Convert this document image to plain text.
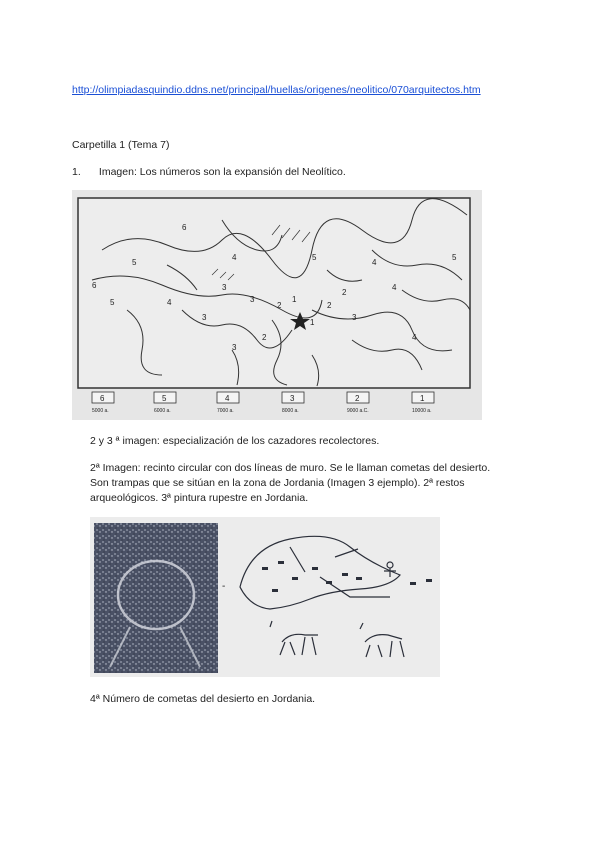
http://olimpiadasquindio.ddns.net/principal/huellas/origenes/neolitico/070arquitectos.htm
Carpetilla 1 (Tema 7)
1. Imagen: Los números son la expansión del Neolítico.
6
5
5	4
4
3
3
2
1
1
2
3
4
5
3
2	4
6
5
4
3
2
6
5000 a.
5
6000 a.
4
7000 a.
3
8000 a.
2
9000 a.C.
1
10000 a.
2 y 3 ª imagen: especialización de los cazadores recolectores.
2ª Imagen: recinto circular con dos líneas de muro. Se le llaman cometas del desierto.
Son trampas que se sitúan en la zona de Jordania (Imagen 3 ejemplo). 2ª restos
arqueológicos. 3ª pintura rupestre en Jordania.
-
4ª Número de cometas del desierto en Jordania.
